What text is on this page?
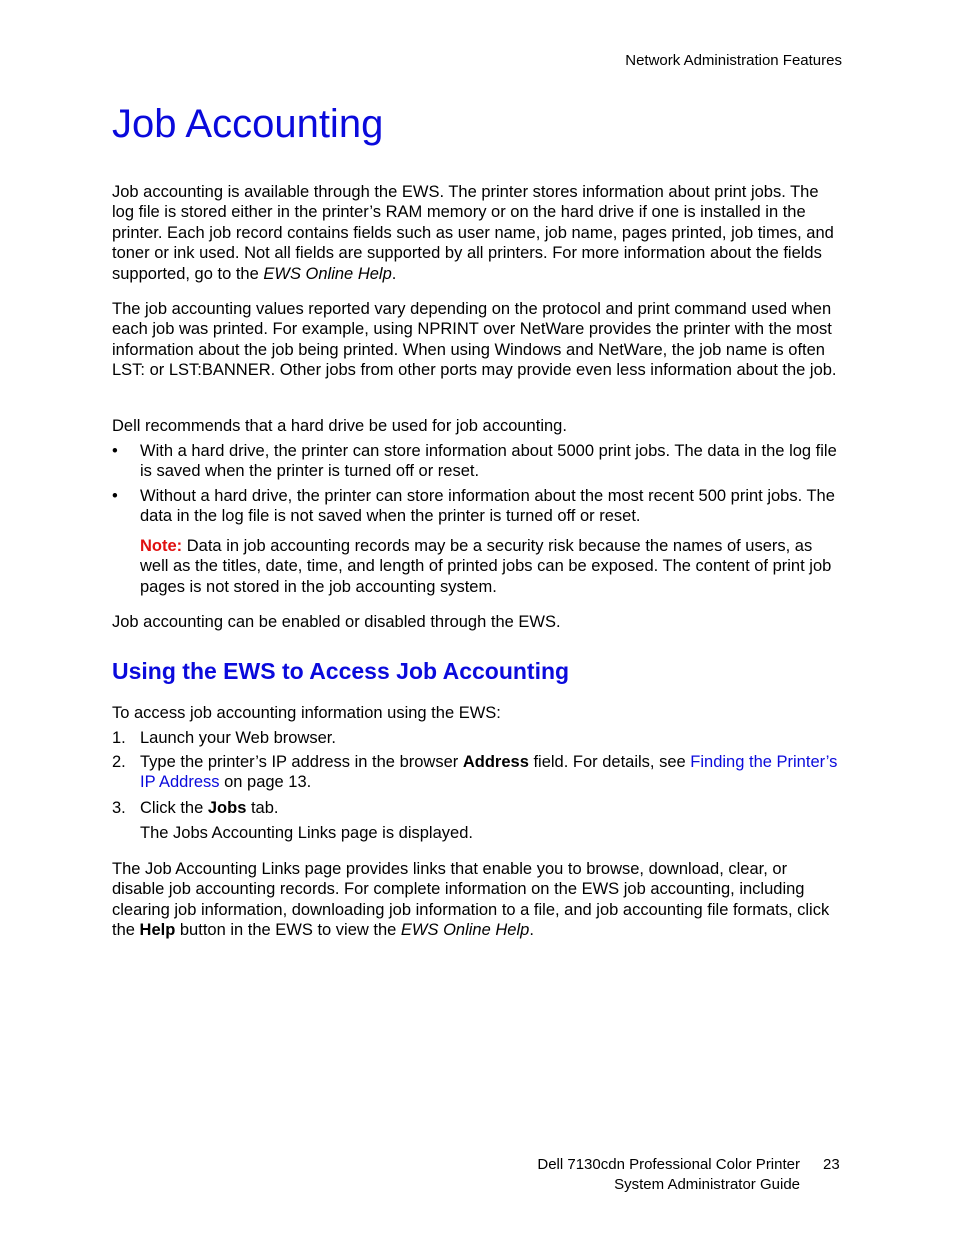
Network Administration Features
Job Accounting

Job accounting is available through the EWS. The printer stores information about print jobs. The log file is stored either in the printer’s RAM memory or on the hard drive if one is installed in the printer. Each job record contains fields such as user name, job name, pages printed, job times, and toner or ink used. Not all fields are supported by all printers. For more information about the fields supported, go to the EWS Online Help.

The job accounting values reported vary depending on the protocol and print command used when each job was printed. For example, using NPRINT over NetWare provides the printer with the most information about the job being printed. When using Windows and NetWare, the job name is often LST: or LST:BANNER. Other jobs from other ports may provide even less information about the job.

Dell recommends that a hard drive be used for job accounting.

• With a hard drive, the printer can store information about 5000 print jobs. The data in the log file is saved when the printer is turned off or reset.
• Without a hard drive, the printer can store information about the most recent 500 print jobs. The data in the log file is not saved when the printer is turned off or reset.

Note: Data in job accounting records may be a security risk because the names of users, as well as the titles, date, time, and length of printed jobs can be exposed. The content of print job pages is not stored in the job accounting system.

Job accounting can be enabled or disabled through the EWS.

Using the EWS to Access Job Accounting

To access job accounting information using the EWS:

1. Launch your Web browser.
2. Type the printer’s IP address in the browser Address field. For details, see Finding the Printer’s IP Address on page 13.
3. Click the Jobs tab.

The Jobs Accounting Links page is displayed.

The Job Accounting Links page provides links that enable you to browse, download, clear, or disable job accounting records. For complete information on the EWS job accounting, including clearing job information, downloading job information to a file, and job accounting file formats, click the Help button in the EWS to view the EWS Online Help.

Dell 7130cdn Professional Color Printer
System Administrator Guide
23
